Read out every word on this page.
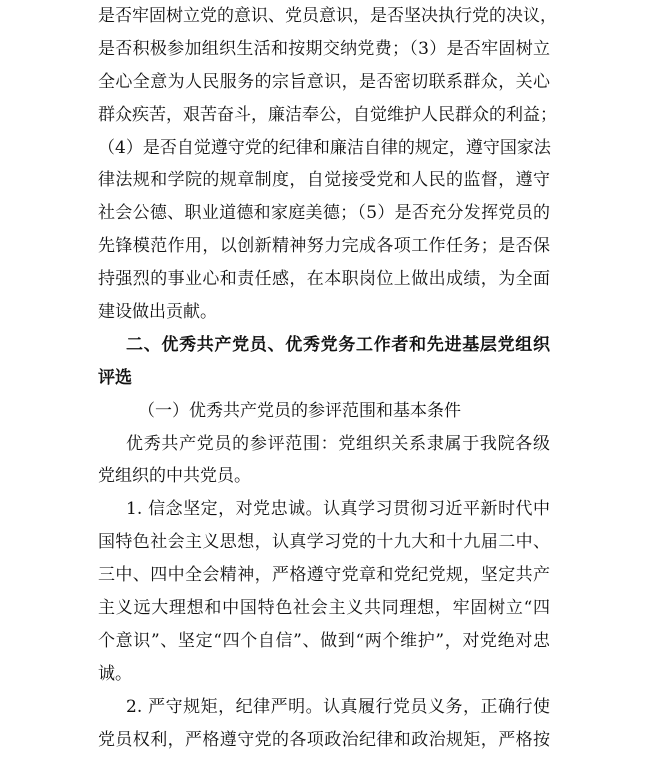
是否牢固树立党的意识、党员意识，是否坚决执行党的决议，
是否积极参加组织生活和按期交纳党费；（3）是否牢固树立
全心全意为人民服务的宗旨意识，是否密切联系群众，关心
群众疾苦，艰苦奋斗，廉洁奉公，自觉维护人民群众的利益；
（4）是否自觉遵守党的纪律和廉洁自律的规定，遵守国家法
律法规和学院的规章制度，自觉接受党和人民的监督，遵守
社会公德、职业道德和家庭美德；（5）是否充分发挥党员的
先锋模范作用，以创新精神努力完成各项工作任务；是否保
持强烈的事业心和责任感，在本职岗位上做出成绩，为全面
建设做出贡献。
二、优秀共产党员、优秀党务工作者和先进基层党组织
评选
（一）优秀共产党员的参评范围和基本条件
优秀共产党员的参评范围：党组织关系隶属于我院各级
党组织的中共党员。
1. 信念坚定，对党忠诚。认真学习贯彻习近平新时代中
国特色社会主义思想，认真学习党的十九大和十九届二中、
三中、四中全会精神，严格遵守党章和党纪党规，坚定共产
主义远大理想和中国特色社会主义共同理想，牢固树立“四
个意识”、坚定“四个自信”、做到“两个维护”，对党绝对忠
诚。
2. 严守规矩，纪律严明。认真履行党员义务，正确行使
党员权利，严格遵守党的各项政治纪律和政治规矩，严格按
